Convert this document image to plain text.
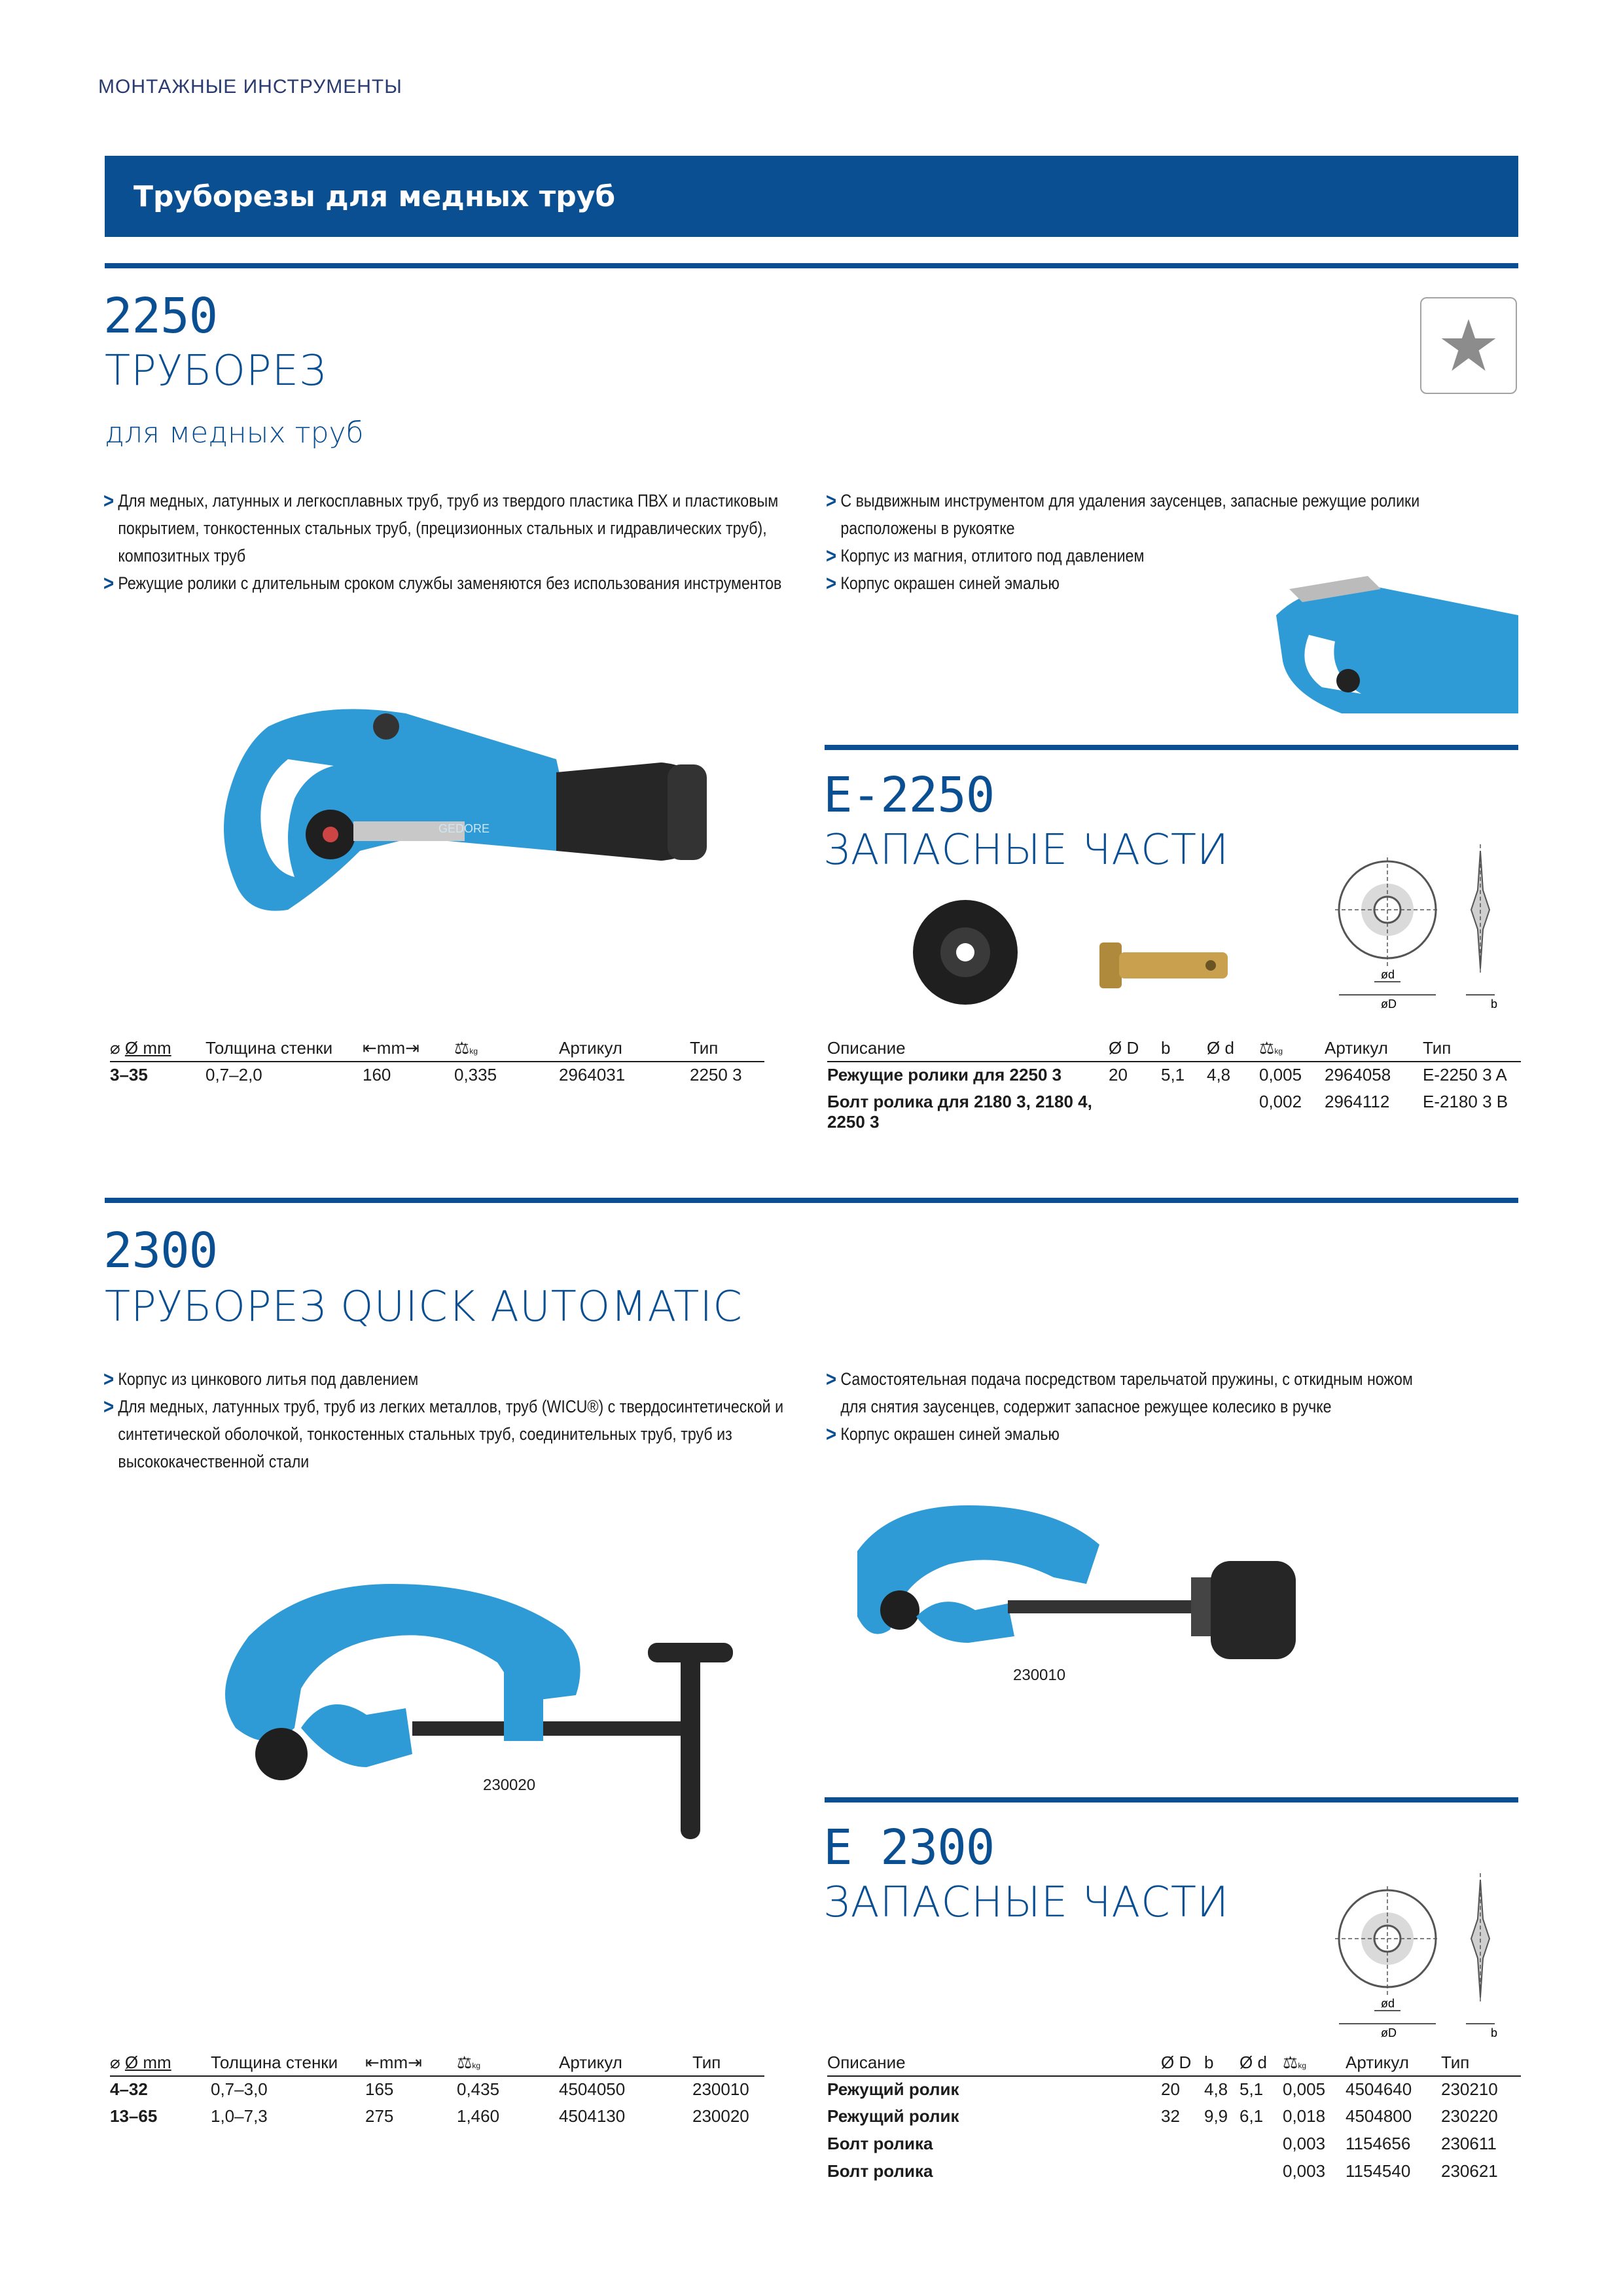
МОНТАЖНЫЕ ИНСТРУМЕНТЫ
Труборезы для медных труб
2250
ТРУБОРЕЗ
для медных труб
> Для медных, латунных и легкосплавных труб, труб из твердого пластика ПВХ и пластиковым покрытием, тонкостенных стальных труб, (прецизионных стальных и гидравлических труб), композитных труб
> Режущие ролики с длительным сроком службы заменяются без использования инструментов
> С выдвижным инструментом для удаления заусенцев, запасные режущие ролики расположены в рукоятке
> Корпус из магния, отлитого под давлением
> Корпус окрашен синей эмалью
GEDORE
E-2250
ЗАПАСНЫЕ ЧАСТИ
ød
øD	b
⌀ Ø mm	Толщина стенки	⇤mm⇥	⚖kg	Артикул	Тип
3–35	0,7–2,0	160	0,335	2964031	2250 3
Описание	Ø D	b	Ø d	⚖kg	Артикул	Тип
Режущие ролики для 2250 3	20	5,1	4,8	0,005	2964058	E-2250 3 A
Болт ролика для 2180 3, 2180 4, 2250 3				0,002	2964112	E-2180 3 B
2300
ТРУБОРЕЗ QUICK AUTOMATIC
> Корпус из цинкового литья под давлением
> Для медных, латунных труб, труб из легких металлов, труб (WICU®) с твердосинтетической и синтетической оболочкой, тонкостенных стальных труб, соединительных труб, труб из высококачественной стали
> Самостоятельная подача посредством тарельчатой пружины, с откидным ножом для снятия заусенцев, содержит запасное режущее колесико в ручке
> Корпус окрашен синей эмалью
230020
230010
E 2300
ЗАПАСНЫЕ ЧАСТИ
ød
øD	b
⌀ Ø mm	Толщина стенки	⇤mm⇥	⚖kg	Артикул	Тип
4–32	0,7–3,0	165	0,435	4504050	230010
13–65	1,0–7,3	275	1,460	4504130	230020
Описание	Ø D	b	Ø d	⚖kg	Артикул	Тип
Режущий ролик	20	4,8	5,1	0,005	4504640	230210
Режущий ролик	32	9,9	6,1	0,018	4504800	230220
Болт ролика				0,003	1154656	230611
Болт ролика				0,003	1154540	230621
